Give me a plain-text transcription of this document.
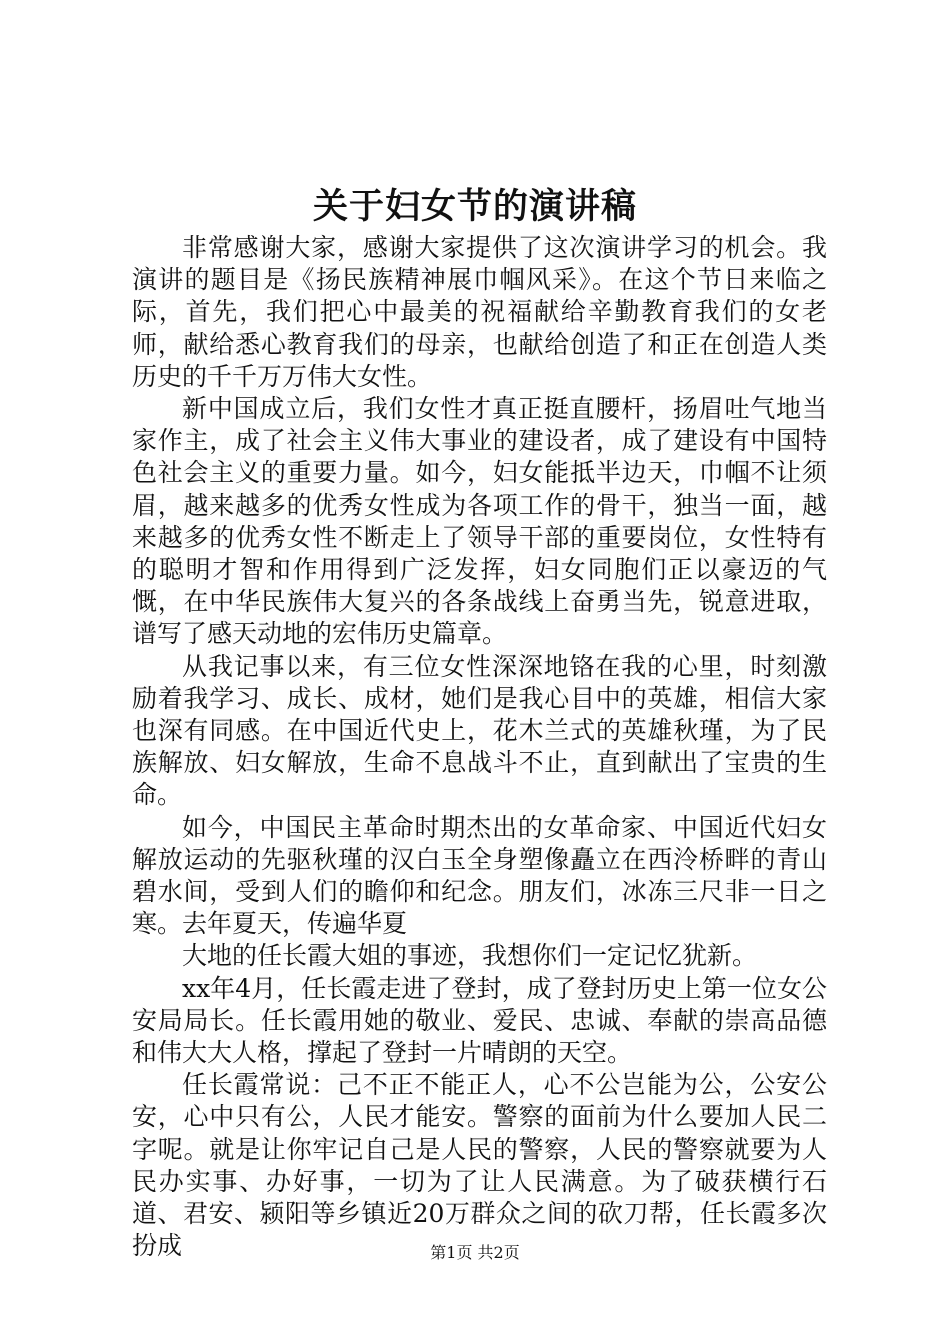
关于妇女节的演讲稿

非常感谢大家，感谢大家提供了这次演讲学习的机会。我演讲的题目是《扬民族精神展巾帼风采》。在这个节日来临之际，首先，我们把心中最美的祝福献给辛勤教育我们的女老师，献给悉心教育我们的母亲，也献给创造了和正在创造人类历史的千千万万伟大女性。

新中国成立后，我们女性才真正挺直腰杆，扬眉吐气地当家作主，成了社会主义伟大事业的建设者，成了建设有中国特色社会主义的重要力量。如今，妇女能抵半边天，巾帼不让须眉，越来越多的优秀女性成为各项工作的骨干，独当一面，越来越多的优秀女性不断走上了领导干部的重要岗位，女性特有的聪明才智和作用得到广泛发挥，妇女同胞们正以豪迈的气慨，在中华民族伟大复兴的各条战线上奋勇当先，锐意进取，谱写了感天动地的宏伟历史篇章。

从我记事以来，有三位女性深深地铬在我的心里，时刻激励着我学习、成长、成材，她们是我心目中的英雄，相信大家也深有同感。在中国近代史上，花木兰式的英雄秋瑾，为了民族解放、妇女解放，生命不息战斗不止，直到献出了宝贵的生命。

如今，中国民主革命时期杰出的女革命家、中国近代妇女解放运动的先驱秋瑾的汉白玉全身塑像矗立在西泠桥畔的青山碧水间，受到人们的瞻仰和纪念。朋友们，冰冻三尺非一日之寒。去年夏天，传遍华夏

大地的任长霞大姐的事迹，我想你们一定记忆犹新。

xx年4月，任长霞走进了登封，成了登封历史上第一位女公安局局长。任长霞用她的敬业、爱民、忠诚、奉献的崇高品德和伟大大人格，撑起了登封一片晴朗的天空。

任长霞常说：己不正不能正人，心不公岂能为公，公安公安，心中只有公，人民才能安。警察的面前为什么要加人民二字呢。就是让你牢记自己是人民的警察，人民的警察就要为人民办实事、办好事，一切为了让人民满意。为了破获横行石道、君安、颍阳等乡镇近20万群众之间的砍刀帮，任长霞多次扮成	第1页 共2页
